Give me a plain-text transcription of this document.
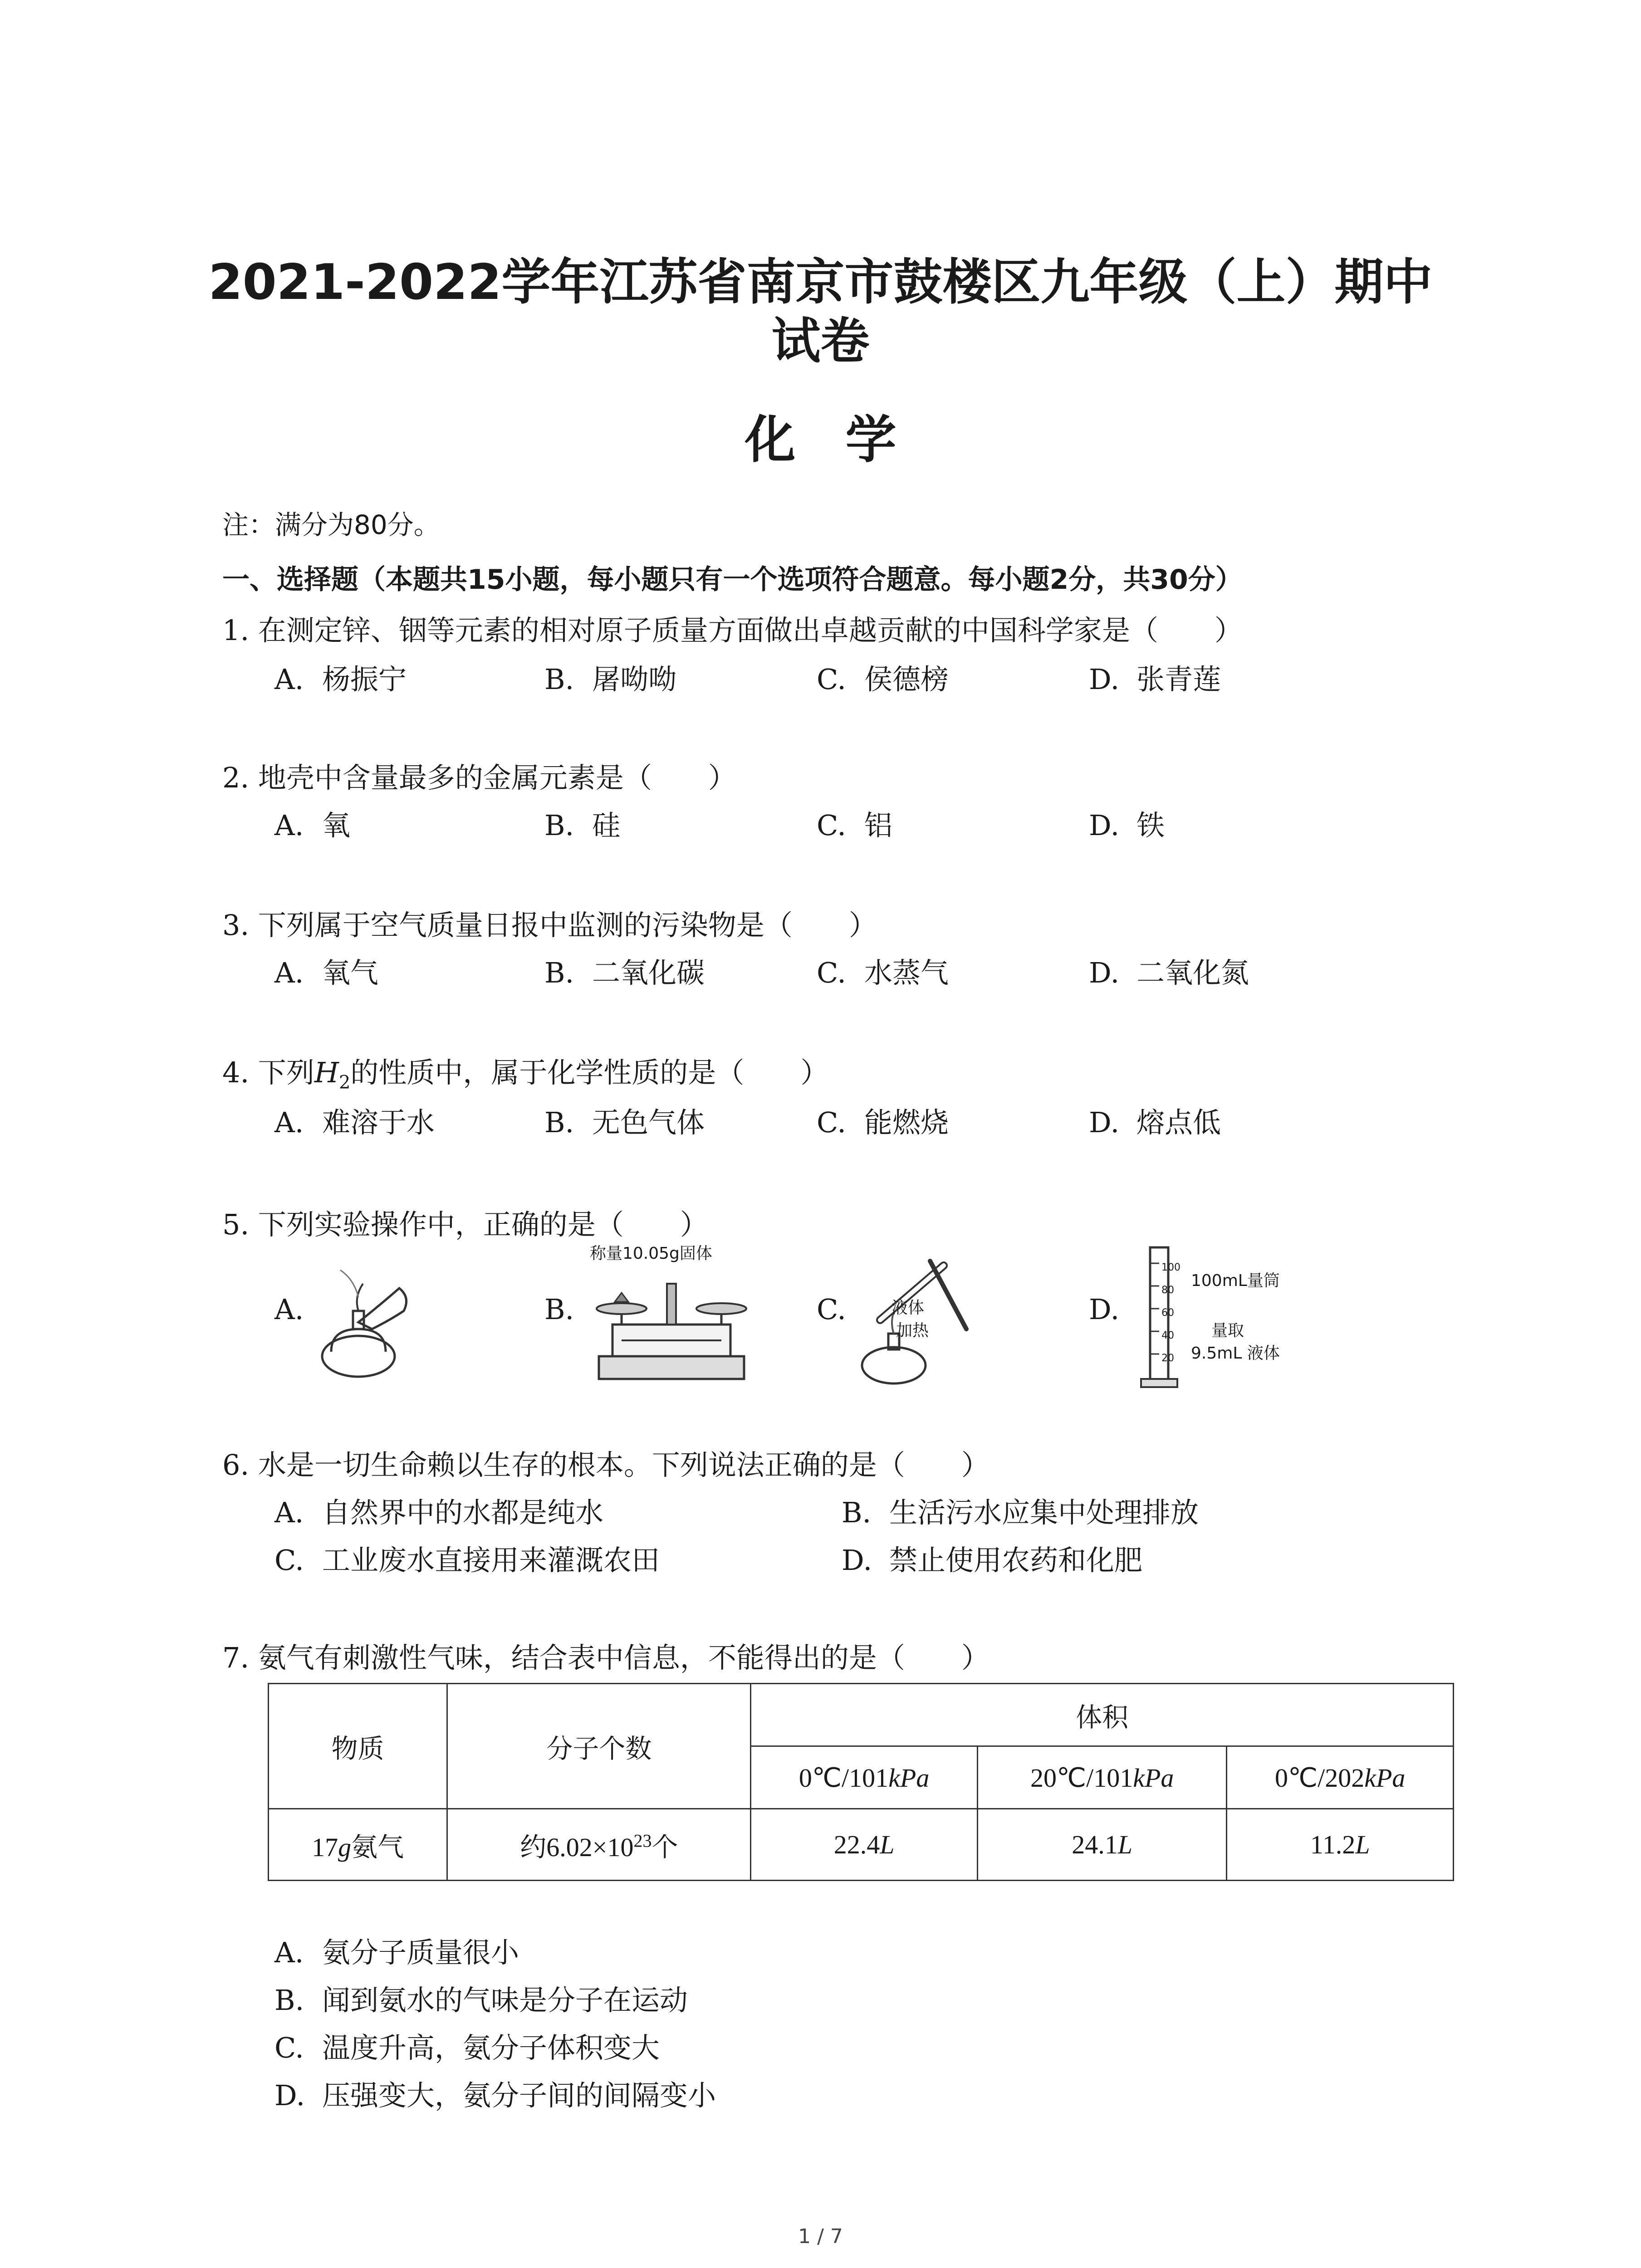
2021-2022学年江苏省南京市鼓楼区九年级（上）期中
试卷
化学
注：满分为80分。
一、选择题（本题共15小题，每小题只有一个选项符合题意。每小题2分，共30分）
1. 在测定锌、铟等元素的相对原子质量方面做出卓越贡献的中国科学家是（　　）
A. 杨振宁	B. 屠呦呦	C. 侯德榜	D. 张青莲
2. 地壳中含量最多的金属元素是（　　）
A. 氧	B. 硅	C. 铝	D. 铁
3. 下列属于空气质量日报中监测的污染物是（　　）
A. 氧气	B. 二氧化碳	C. 水蒸气	D. 二氧化氮
4. 下列$H_2$的性质中，属于化学性质的是（　　）
A. 难溶于水	B. 无色气体	C. 能燃烧	D. 熔点低
5. 下列实验操作中，正确的是（　　）
A.	B.
称量10.05g固体
C.	液体
加热
D.
100
80
60
40
20
100mL量筒
量取
9.5mL 液体
6. 水是一切生命赖以生存的根本。下列说法正确的是（　　）
A. 自然界中的水都是纯水	B. 生活污水应集中处理排放
C. 工业废水直接用来灌溉农田	D. 禁止使用农药和化肥
7. 氨气有刺激性气味，结合表中信息，不能得出的是（　　）
物质	分子个数	体积		
		0℃/101kPa	20℃/101kPa	0℃/202kPa
17g氨气	约$6.02\times 10^{23}$个	22.4L	24.1L	11.2L
A. 氨分子质量很小
B. 闻到氨水的气味是分子在运动
C. 温度升高，氨分子体积变大
D. 压强变大，氨分子间的间隔变小
1 / 7
